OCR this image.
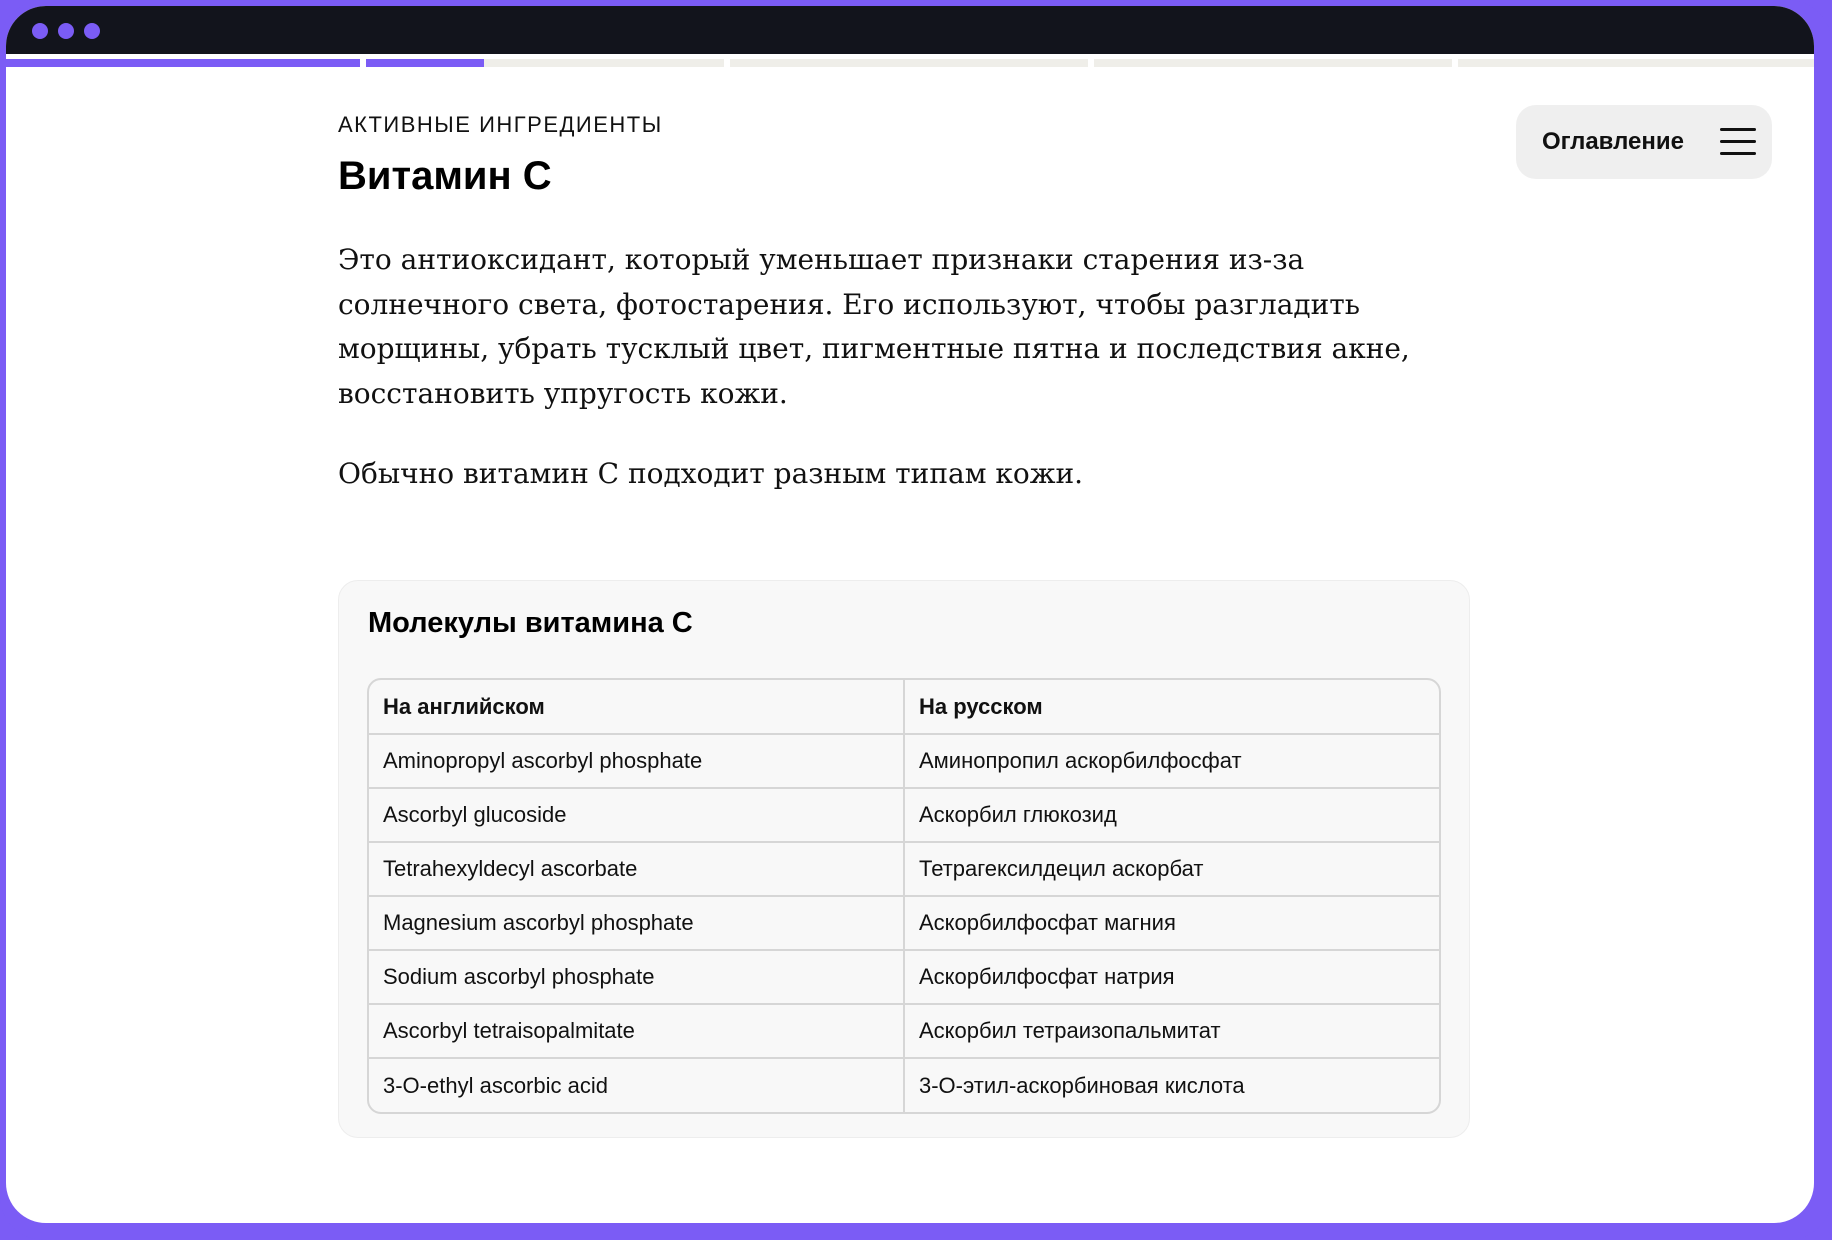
Оглавление

АКТИВНЫЕ ИНГРЕДИЕНТЫ

Витамин С

Это антиоксидант, который уменьшает признаки старения из-за солнечного света, фотостарения. Его используют, чтобы разгладить морщины, убрать тусклый цвет, пигментные пятна и последствия акне, восстановить упругость кожи.

Обычно витамин С подходит разным типам кожи.

Молекулы витамина С
На английском	На русском
Aminopropyl ascorbyl phosphate	Аминопропил аскорбилфосфат
Ascorbyl glucoside	Аскорбил глюкозид
Tetrahexyldecyl ascorbate	Тетрагексилдецил аскорбат
Magnesium ascorbyl phosphate	Аскорбилфосфат магния
Sodium ascorbyl phosphate	Аскорбилфосфат натрия
Ascorbyl tetraisopalmitate	Аскорбил тетраизопальмитат
3-O-ethyl ascorbic acid	3-O-этил-аскорбиновая кислота
